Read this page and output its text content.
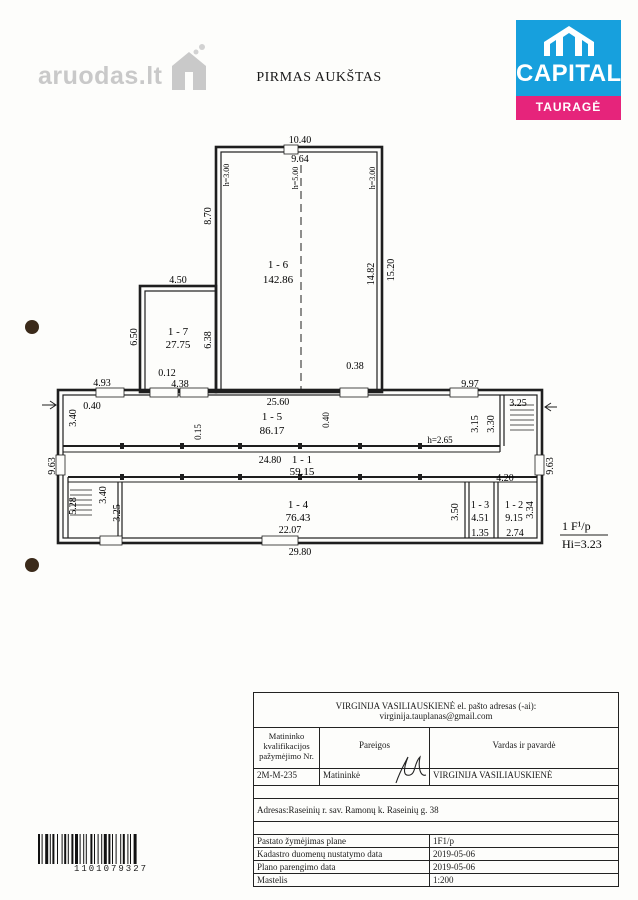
aruodas.lt	CAPITAL
TAURAGĖ
PIRMAS AUKŠTAS
1 - 6
142.86
1 - 7
27.75
1 - 5
86.17
1 - 1
59.15
1 - 4
76.43
1 - 3
4.51
1 - 2
9.15
10.40
9.64
4.50
0.38
4.93
0.12
4.38
25.60
9.97
0.40	3.25
h=2.65
24.80
4.20
22.07	1.35 2.74
29.80
h=3.00	h=5.00	h=3.00
8.70
14.82 15.20
6.50	6.38
3.40
0.15
0.40	3.15 3.30
9.63	9.63
5.28
3.40
3.25	3.50	3.34
1 F¹/p
Hi=3.23
VIRGINIJA VASILIAUSKIENĖ el. pašto adresas (-ai):
virginija.tauplanas@gmail.com
Matininko kvalifikacijos pažymėjimo Nr.
Pareigos	Vardas ir pavardė
2M-M-235	Matininkė	VIRGINIJA VASILIAUSKIENĖ
Adresas:Raseinių r. sav. Ramonų k. Raseinių g. 38
Pastato žymėjimas plane	1F1/p
Kadastro duomenų nustatymo data	2019-05-06
Plano parengimo data	2019-05-06
Mastelis	1:200
1101079327
